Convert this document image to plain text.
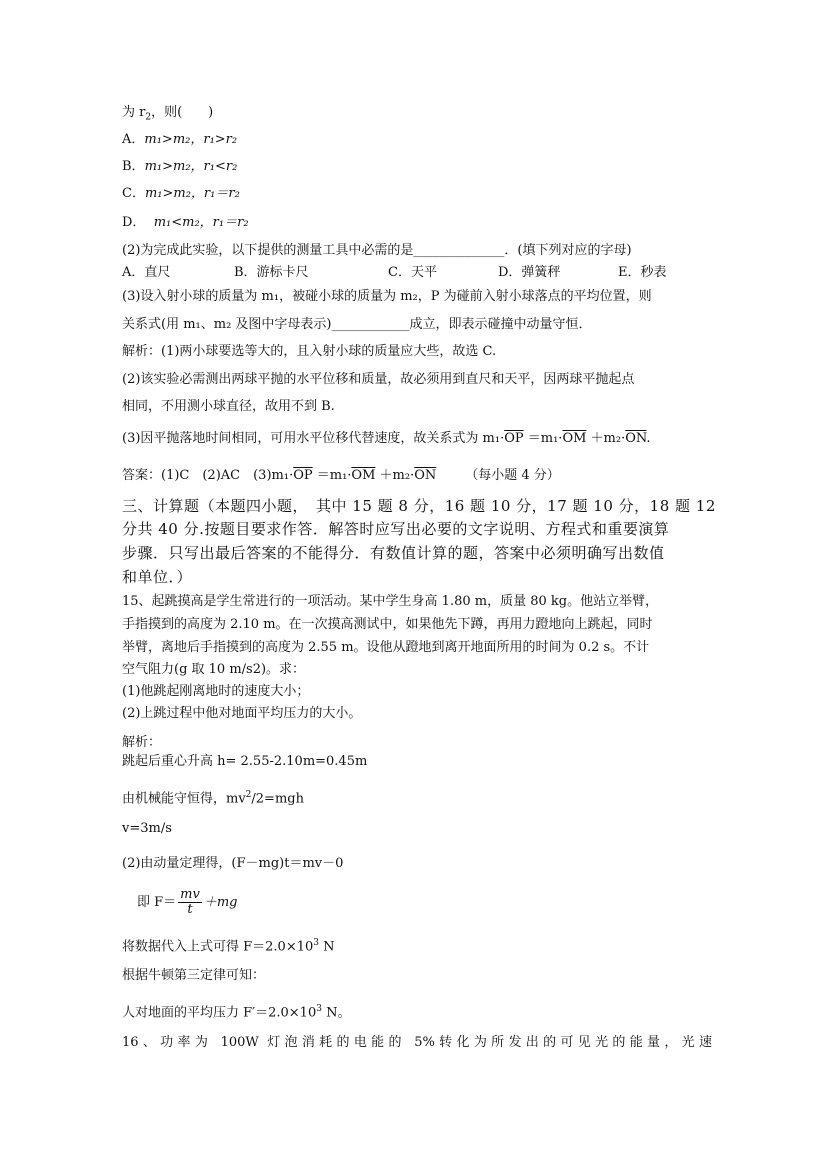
为 $r_2$，则(　　)
A．m₁>m₂，r₁>r₂
B．m₁>m₂，r₁<r₂
C．m₁>m₂，r₁＝r₂
D． m₁<m₂，r₁＝r₂
(2)为完成此实验，以下提供的测量工具中必需的是______________．(填下列对应的字母)
A．直尺	B．游标卡尺	C．天平	D．弹簧秤	E．秒表
(3)设入射小球的质量为 m₁，被碰小球的质量为 m₂，P 为碰前入射小球落点的平均位置，则
关系式(用 m₁、m₂ 及图中字母表示)____________成立，即表示碰撞中动量守恒．
解析：(1)两小球要选等大的，且入射小球的质量应大些，故选 C.
(2)该实验必需测出两球平抛的水平位移和质量，故必须用到直尺和天平，因两球平抛起点
相同，不用测小球直径，故用不到 B.
(3)因平抛落地时间相同，可用水平位移代替速度，故关系式为 $m_1\cdot\overline{OP} =m_1\cdot\overline{OM} +m_2\cdot\overline{ON}$.
答案：(1)C　(2)AC　$(3)m_1\cdot\overline{OP} =m_1\cdot\overline{OM} +m_2\cdot\overline{ON}$ （每小题 4 分）
三、计算题（本题四小题，　其中 15 题 8 分，16 题 10 分，17 题 10 分，18 题 12
分共 40 分.按题目要求作答．解答时应写出必要的文字说明、方程式和重要演算
步骤．只写出最后答案的不能得分．有数值计算的题，答案中必须明确写出数值
和单位．）
15、起跳摸高是学生常进行的一项活动。某中学生身高 1.80 m，质量 80 kg。他站立举臂，
手指摸到的高度为 2.10 m。在一次摸高测试中，如果他先下蹲，再用力蹬地向上跳起，同时
举臂，离地后手指摸到的高度为 2.55 m。设他从蹬地到离开地面所用的时间为 0.2 s。不计
空气阻力(g 取 10 m/s2)。求：
(1)他跳起刚离地时的速度大小；
(2)上跳过程中他对地面平均压力的大小。
解析：
跳起后重心升高 h= 2.55-2.10m=0.45m
由机械能守恒得，$mv^2/2=mgh$
v=3m/s
(2)由动量定理得，(F－mg)t＝mv－0
即 $F= \frac{mv}{t} +mg$
将数据代入上式可得 $F=2.0\times 10^3$ N
根据牛顿第三定律可知：
人对地面的平均压力 $F'=2.0\times 10^3$ N。
16、功率为 100W 灯泡消耗的电能的 5%转化为所发出的可见光的能量，光速
